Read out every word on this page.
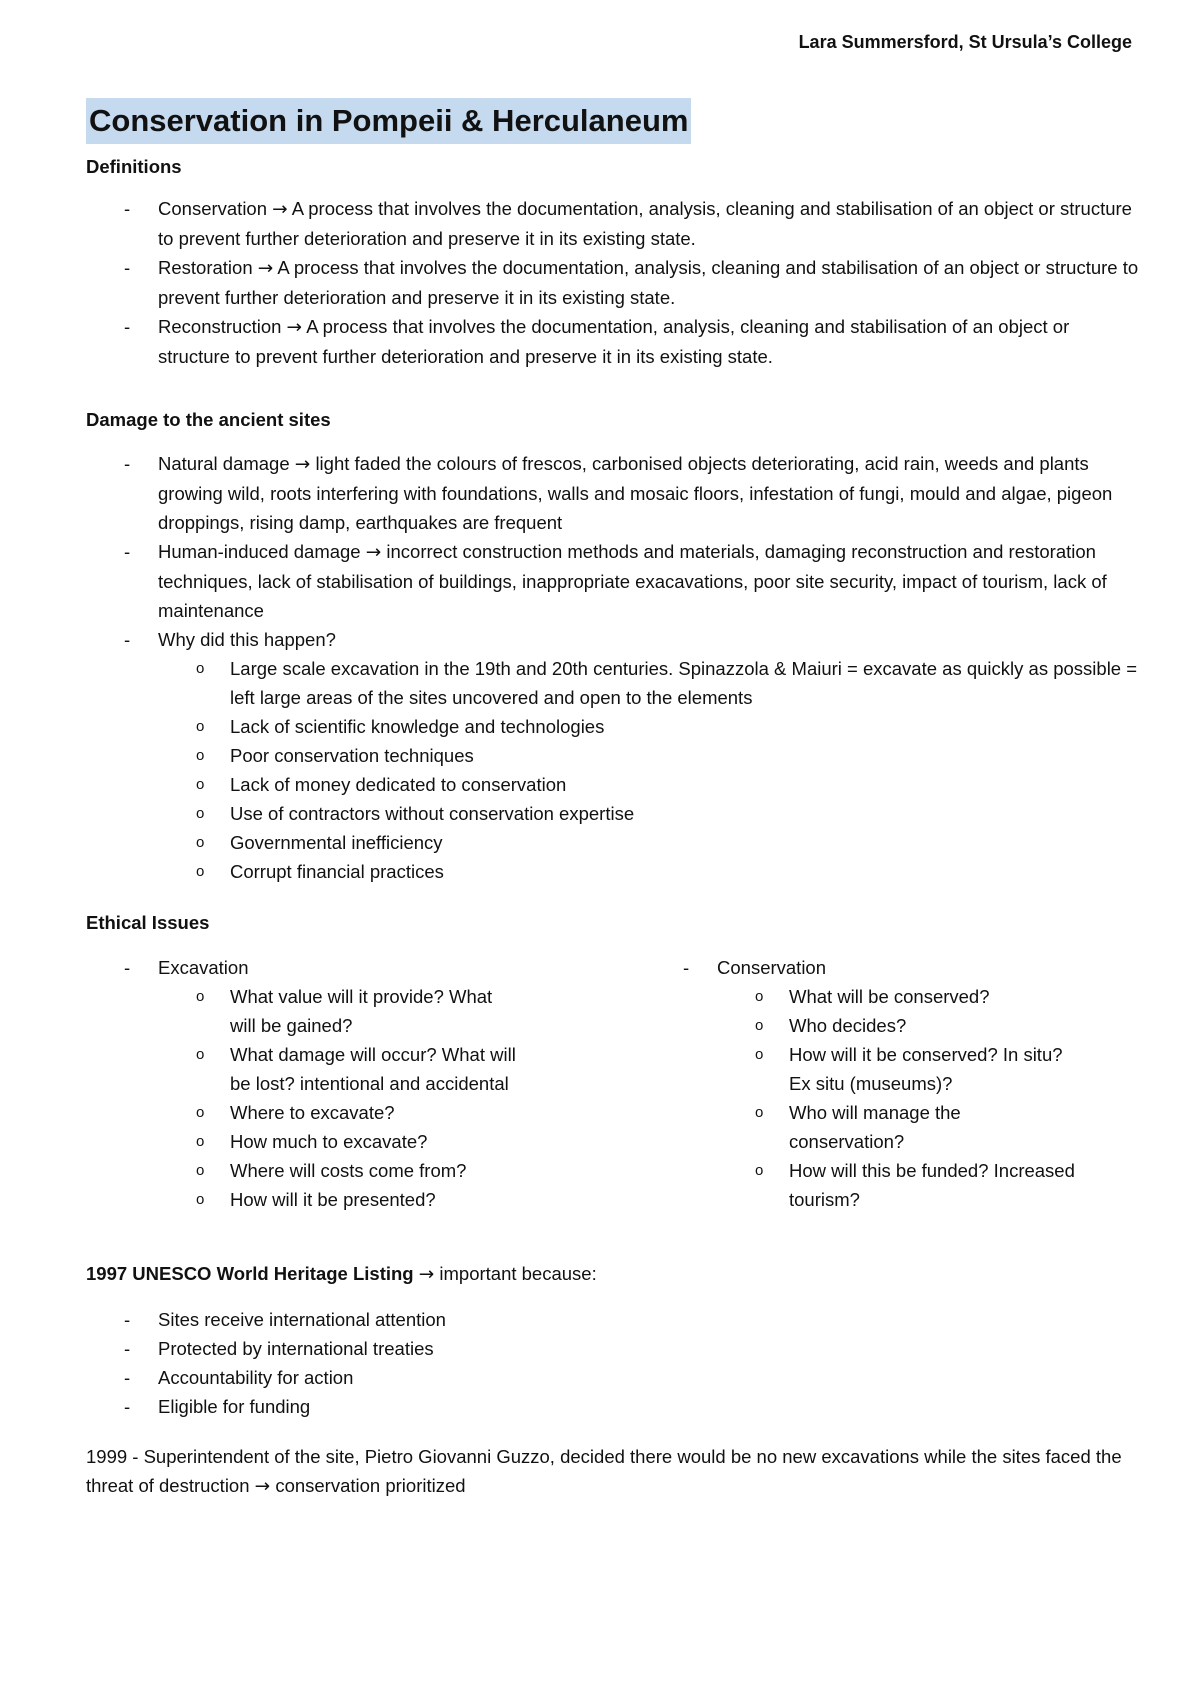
Lara Summersford, St Ursula’s College
Conservation in Pompeii & Herculaneum
Definitions
- Conservation → A process that involves the documentation, analysis, cleaning and stabilisation of an object or structure to prevent further deterioration and preserve it in its existing state.
- Restoration → A process that involves the documentation, analysis, cleaning and stabilisation of an object or structure to prevent further deterioration and preserve it in its existing state.
- Reconstruction → A process that involves the documentation, analysis, cleaning and stabilisation of an object or structure to prevent further deterioration and preserve it in its existing state.
Damage to the ancient sites
- Natural damage → light faded the colours of frescos, carbonised objects deteriorating, acid rain, weeds and plants growing wild, roots interfering with foundations, walls and mosaic floors, infestation of fungi, mould and algae, pigeon droppings, rising damp, earthquakes are frequent
- Human-induced damage → incorrect construction methods and materials, damaging reconstruction and restoration techniques, lack of stabilisation of buildings, inappropriate exacavations, poor site security, impact of tourism, lack of maintenance
- Why did this happen?
o Large scale excavation in the 19th and 20th centuries. Spinazzola & Maiuri = excavate as quickly as possible = left large areas of the sites uncovered and open to the elements
o Lack of scientific knowledge and technologies
o Poor conservation techniques
o Lack of money dedicated to conservation
o Use of contractors without conservation expertise
o Governmental inefficiency
o Corrupt financial practices
Ethical Issues
- Excavation
o What value will it provide? What will be gained?
o What damage will occur? What will be lost? intentional and accidental
o Where to excavate?
o How much to excavate?
o Where will costs come from?
o How will it be presented?
- Conservation
o What will be conserved?
o Who decides?
o How will it be conserved? In situ? Ex situ (museums)?
o Who will manage the conservation?
o How will this be funded? Increased tourism?
1997 UNESCO World Heritage Listing → important because:
- Sites receive international attention
- Protected by international treaties
- Accountability for action
- Eligible for funding
1999 - Superintendent of the site, Pietro Giovanni Guzzo, decided there would be no new excavations while the sites faced the threat of destruction → conservation prioritized
